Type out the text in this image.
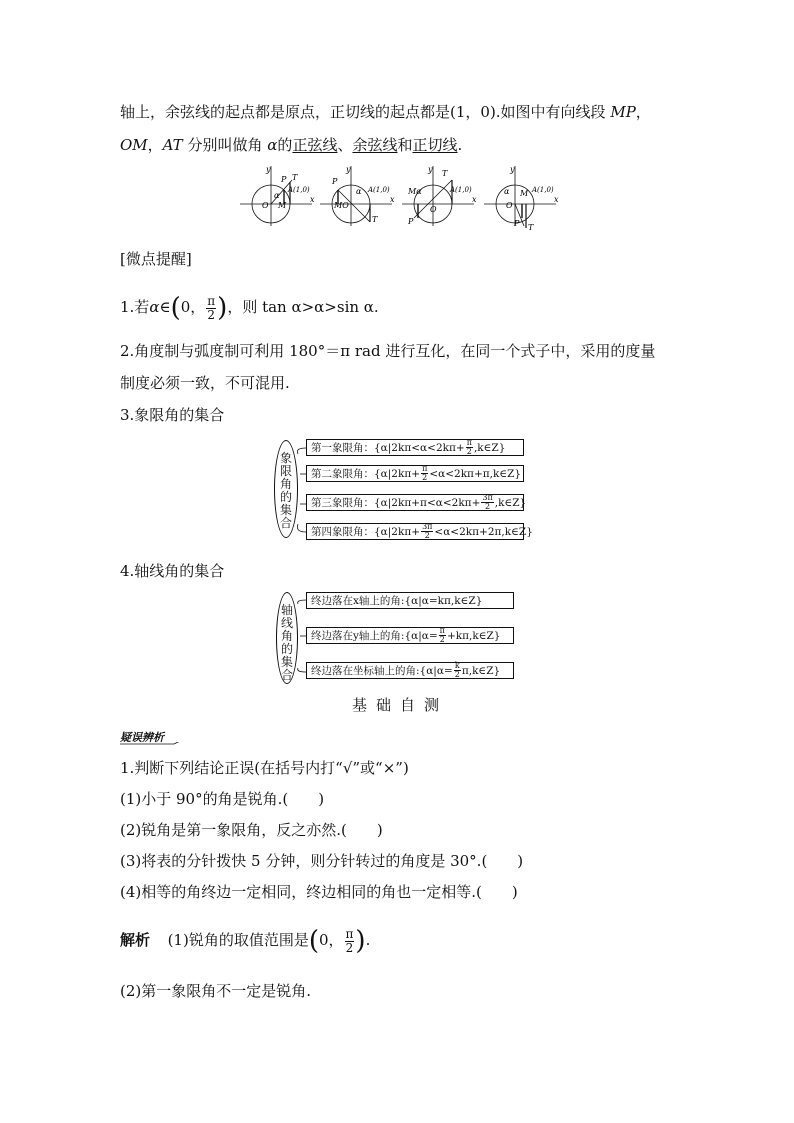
轴上，余弦线的起点都是原点，正切线的起点都是(1，0).如图中有向线段 MP，
OM，AT 分别叫做角 α的正弦线、余弦线和正切线.
y
x
O M
P T
A(1,0)
α
y
x
MO
P
T
A(1,0)
α
y
x
O
Mα
P
T
A(1,0)
y
x
O
M
P T
A(1,0)
α
[微点提醒]
1.若α∈(0， $\frac{\pi}{2}$ )，则 tan α>α>sin α.
2.角度制与弧度制可利用 180°＝π rad 进行互化，在同一个式子中，采用的度量
制度必须一致，不可混用.
3.象限角的集合
象限角的集合
第一象限角：{$\alpha|2k\pi<\alpha<2k\pi+ \frac{\pi}{2}$ ,k∈Z}
第二象限角：{$\alpha|2k\pi+ \frac{\pi}{2}$ <α<2kπ+π,k∈Z}
第三象限角：{$\alpha|2k\pi+\pi<\alpha<2k\pi+ \frac{3\pi}{2}$ ,k∈Z}
第四象限角：{$\alpha|2k\pi+ \frac{3\pi}{2}$ <α<2kπ+2π,k∈Z}
4.轴线角的集合
轴线角的集合
终边落在x轴上的角:{α|α=kπ,k∈Z}
终边落在y轴上的角:{α|α= $\frac{\pi}{2}$ +kπ,k∈Z}
终边落在坐标轴上的角:{α|α= $\frac{k}{2}$ π,k∈Z}
基础自测
疑误辨析
1.判断下列结论正误(在括号内打“√”或“×”)
(1)小于 90°的角是锐角.(　　)
(2)锐角是第一象限角，反之亦然.(　　)
(3)将表的分针拨快 5 分钟，则分针转过的角度是 30°.(　　)
(4)相等的角终边一定相同，终边相同的角也一定相等.(　　)
解析 (1)锐角的取值范围是(0， $\frac{\pi}{2}$ ).
(2)第一象限角不一定是锐角.
